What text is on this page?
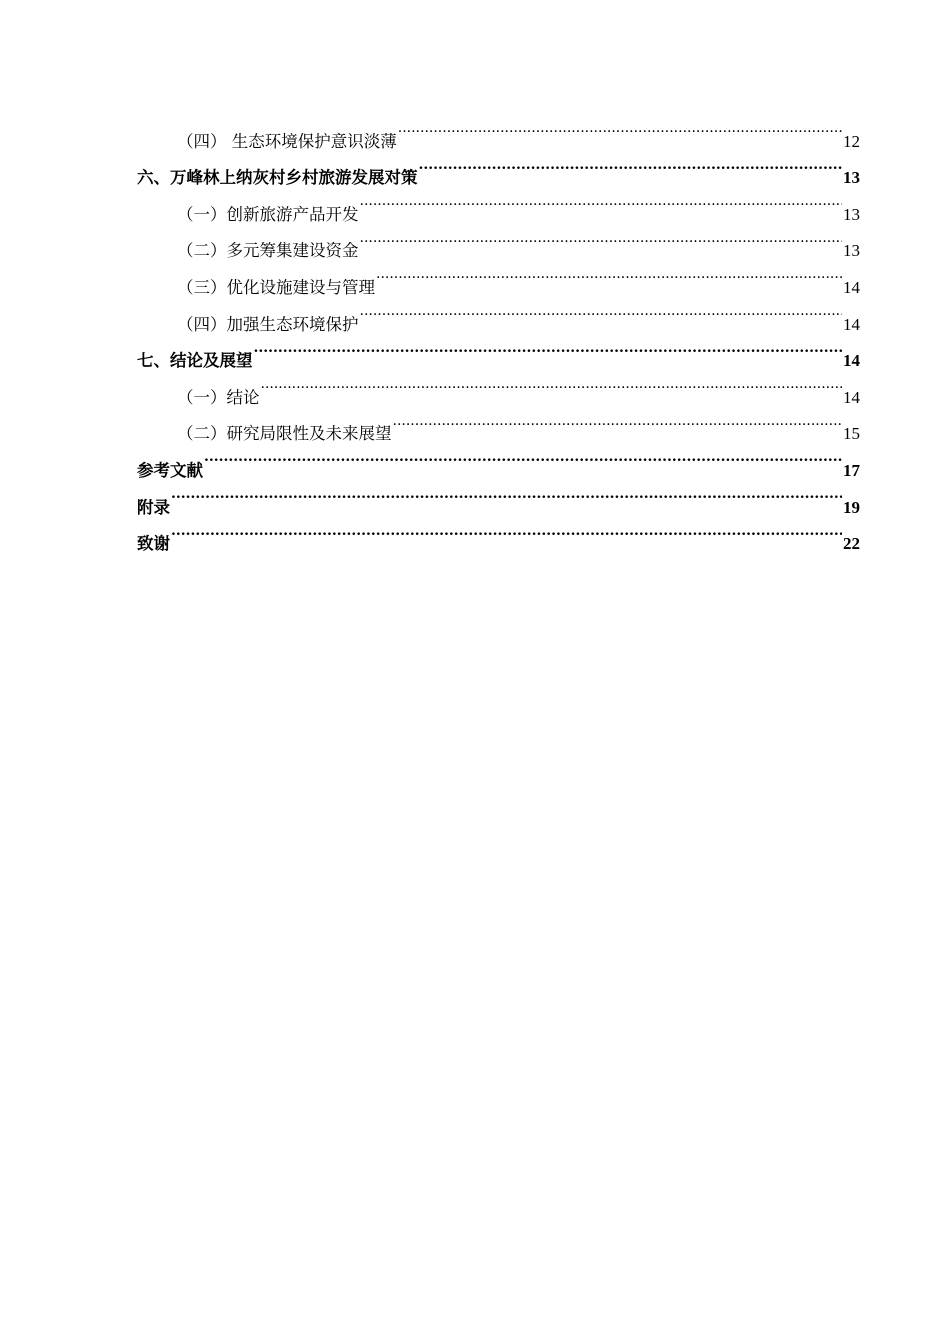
（四） 生态环境保护意识淡薄 .....	12
六、万峰林上纳灰村乡村旅游发展对策 .....	13
（一）创新旅游产品开发 .....	13
（二）多元筹集建设资金 .....	13
（三）优化设施建设与管理 .....	14
（四）加强生态环境保护 .....	14
七、结论及展望 .....	14
（一）结论 .....	14
（二）研究局限性及未来展望 .....	15
参考文献 .....	17
附录 .....	19
致谢 .....	22
